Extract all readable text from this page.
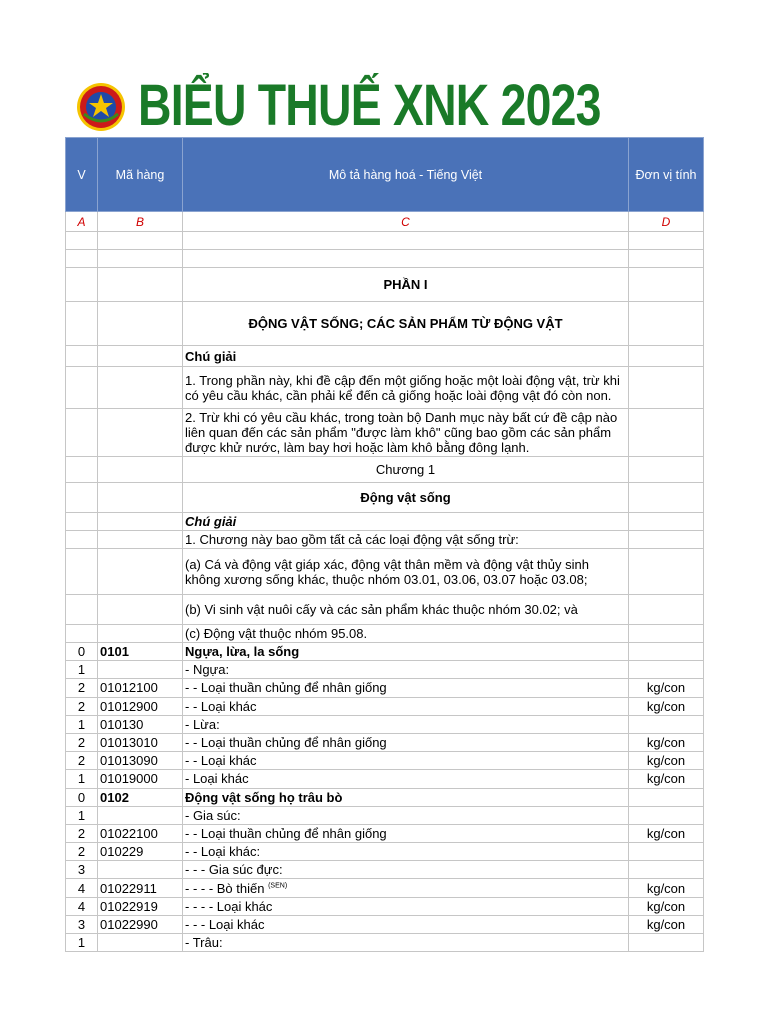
BIỂU THUẾ XNK 2023
V	Mã hàng	Mô tả hàng hoá - Tiếng Việt	Đơn vị tính
A	B	C	D

		PHẦN I	
		ĐỘNG VẬT SỐNG; CÁC SẢN PHẨM TỪ ĐỘNG VẬT	
		Chú giải	
		1. Trong phần này, khi đề cập đến một giống hoặc một loài động vật, trừ khi có yêu cầu khác, cần phải kể đến cả giống hoặc loài động vật đó còn non.	
		2. Trừ khi có yêu cầu khác, trong toàn bộ Danh mục này bất cứ đề cập nào liên quan đến các sản phẩm "được làm khô" cũng bao gồm các sản phẩm được khử nước, làm bay hơi hoặc làm khô bằng đông lạnh.	
		Chương 1	
		Động vật sống	
		Chú giải	
		1. Chương này bao gồm tất cả các loại động vật sống trừ:	
		(a) Cá và động vật giáp xác, động vật thân mềm và động vật thủy sinh không xương sống khác, thuộc nhóm 03.01, 03.06, 03.07 hoặc 03.08;	
		(b) Vi sinh vật nuôi cấy và các sản phẩm khác thuộc nhóm 30.02; và	
		(c) Động vật thuộc nhóm 95.08.	
0	0101	Ngựa, lừa, la sống	
1		- Ngựa:	
2	01012100	- - Loại thuần chủng để nhân giống	kg/con
2	01012900	- - Loại khác	kg/con
1	010130	- Lừa:	
2	01013010	- - Loại thuần chủng để nhân giống	kg/con
2	01013090	- - Loại khác	kg/con
1	01019000	- Loại khác	kg/con
0	0102	Động vật sống họ trâu bò	
1		- Gia súc:	
2	01022100	- - Loại thuần chủng để nhân giống	kg/con
2	010229	- - Loại khác:	
3		- - - Gia súc đực:	
4	01022911	- - - - Bò thiến $^{(SEN)}$	kg/con
4	01022919	- - - - Loại khác	kg/con
3	01022990	- - - Loại khác	kg/con
1		- Trâu:	
